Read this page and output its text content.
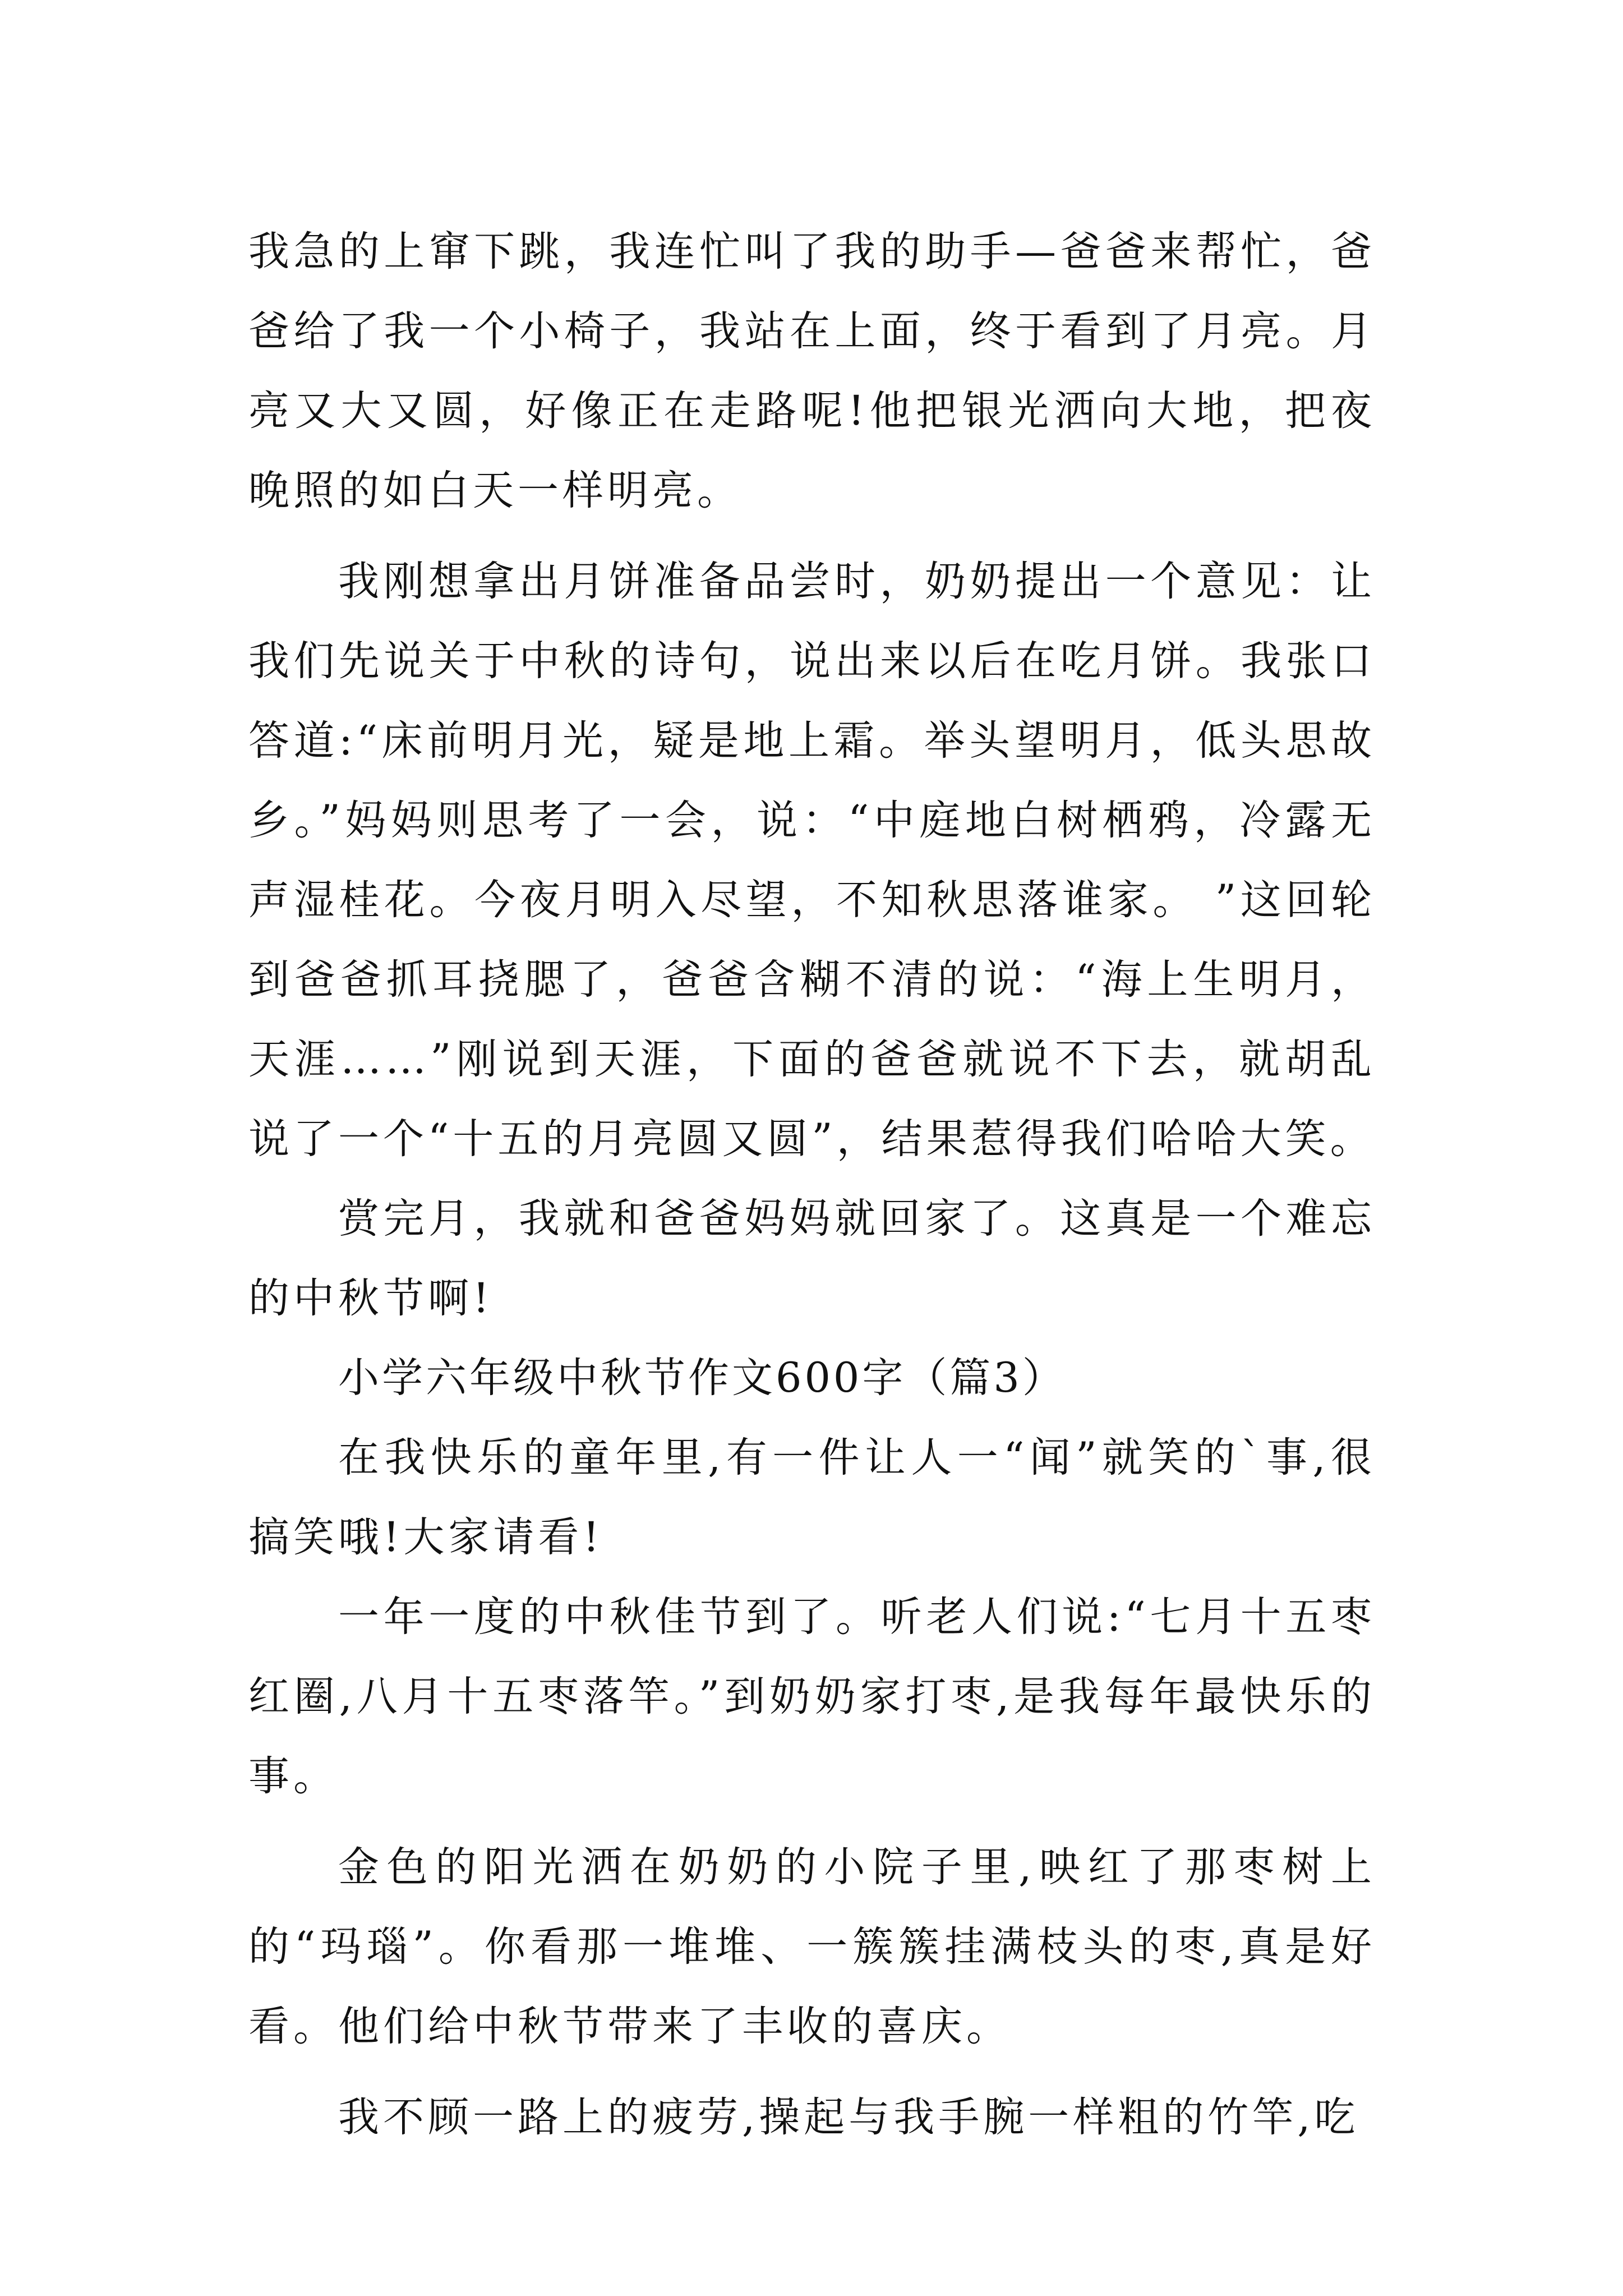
我急的上窜下跳，我连忙叫了我的助手—爸爸来帮忙，爸爸给了我一个小椅子，我站在上面，终于看到了月亮。月亮又大又圆，好像正在走路呢!他把银光洒向大地，把夜晚照的如白天一样明亮。

我刚想拿出月饼准备品尝时，奶奶提出一个意见：让我们先说关于中秋的诗句，说出来以后在吃月饼。我张口答道:“床前明月光，疑是地上霜。举头望明月，低头思故乡。”妈妈则思考了一会，说：“中庭地白树栖鸦，冷露无声湿桂花。今夜月明入尽望，不知秋思落谁家。 ”这回轮到爸爸抓耳挠腮了，爸爸含糊不清的说：“海上生明月，天涯……”刚说到天涯，下面的爸爸就说不下去，就胡乱说了一个“十五的月亮圆又圆”，结果惹得我们哈哈大笑。

赏完月，我就和爸爸妈妈就回家了。这真是一个难忘的中秋节啊!

小学六年级中秋节作文600字（篇3）

在我快乐的童年里,有一件让人一“闻”就笑的`事,很搞笑哦!大家请看!

一年一度的中秋佳节到了。听老人们说:“七月十五枣红圈,八月十五枣落竿。”到奶奶家打枣,是我每年最快乐的事。

金色的阳光洒在奶奶的小院子里,映红了那枣树上的“玛瑙”。你看那一堆堆、一簇簇挂满枝头的枣,真是好看。他们给中秋节带来了丰收的喜庆。

我不顾一路上的疲劳,操起与我手腕一样粗的竹竿,吃
